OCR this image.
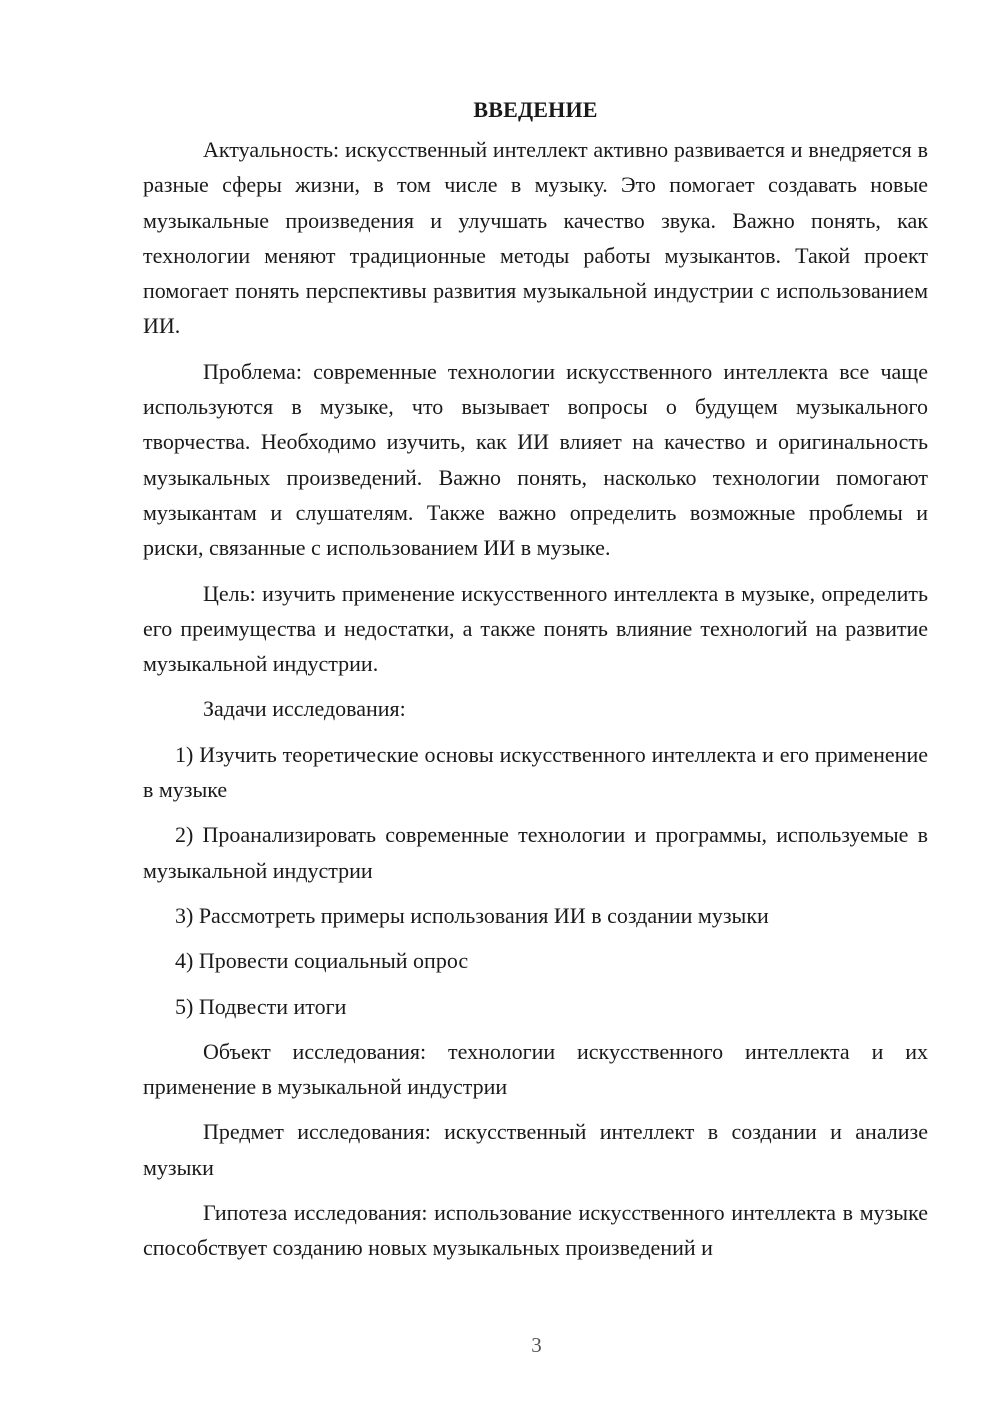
ВВЕДЕНИЕ

Актуальность: искусственный интеллект активно развивается и внедряется в разные сферы жизни, в том числе в музыку. Это помогает создавать новые музыкальные произведения и улучшать качество звука. Важно понять, как технологии меняют традиционные методы работы музыкантов. Такой проект помогает понять перспективы развития музыкальной индустрии с использованием ИИ.

Проблема: современные технологии искусственного интеллекта все чаще используются в музыке, что вызывает вопросы о будущем музыкального творчества. Необходимо изучить, как ИИ влияет на качество и оригинальность музыкальных произведений. Важно понять, насколько технологии помогают музыкантам и слушателям. Также важно определить возможные проблемы и риски, связанные с использованием ИИ в музыке.

Цель: изучить применение искусственного интеллекта в музыке, определить его преимущества и недостатки, а также понять влияние технологий на развитие музыкальной индустрии.

Задачи исследования:

1) Изучить теоретические основы искусственного интеллекта и его применение в музыке

2) Проанализировать современные технологии и программы, используемые в музыкальной индустрии

3) Рассмотреть примеры использования ИИ в создании музыки

4) Провести социальный опрос

5) Подвести итоги

Объект исследования: технологии искусственного интеллекта и их применение в музыкальной индустрии

Предмет исследования: искусственный интеллект в создании и анализе музыки

Гипотеза исследования: использование искусственного интеллекта в музыке способствует созданию новых музыкальных произведений и

3
